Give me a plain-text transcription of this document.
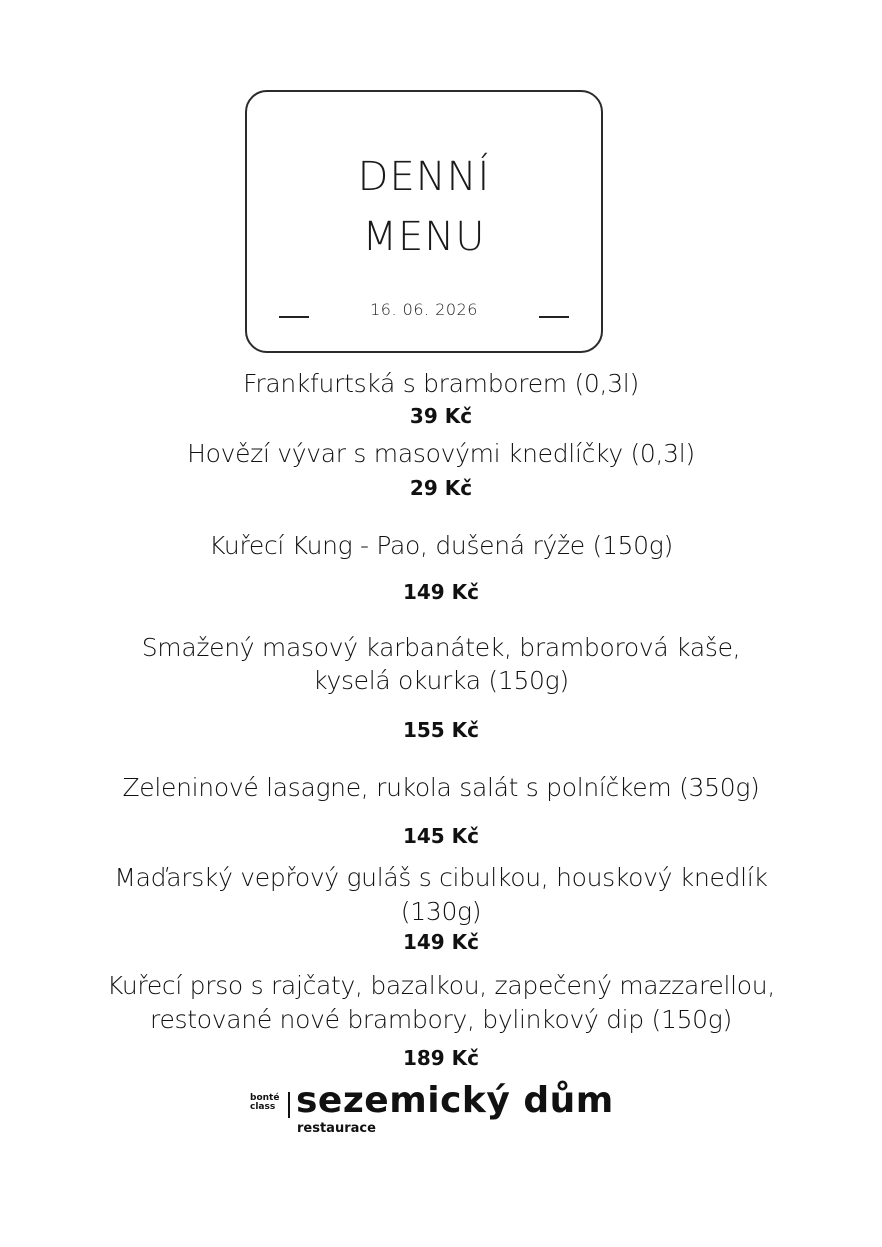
DENNÍ
MENU
16. 06. 2026
Frankfurtská s bramborem (0,3l)
39 Kč
Hovězí vývar s masovými knedlíčky (0,3l)
29 Kč
Kuřecí Kung - Pao, dušená rýže (150g)
149 Kč
Smažený masový karbanátek, bramborová kaše,
kyselá okurka (150g)
155 Kč
Zeleninové lasagne, rukola salát s polníčkem (350g)
145 Kč
Maďarský vepřový guláš s cibulkou, houskový knedlík
(130g)
149 Kč
Kuřecí prso s rajčaty, bazalkou, zapečený mazzarellou,
restované nové brambory, bylinkový dip (150g)
189 Kč
bonté
class sezemický dům
restaurace
